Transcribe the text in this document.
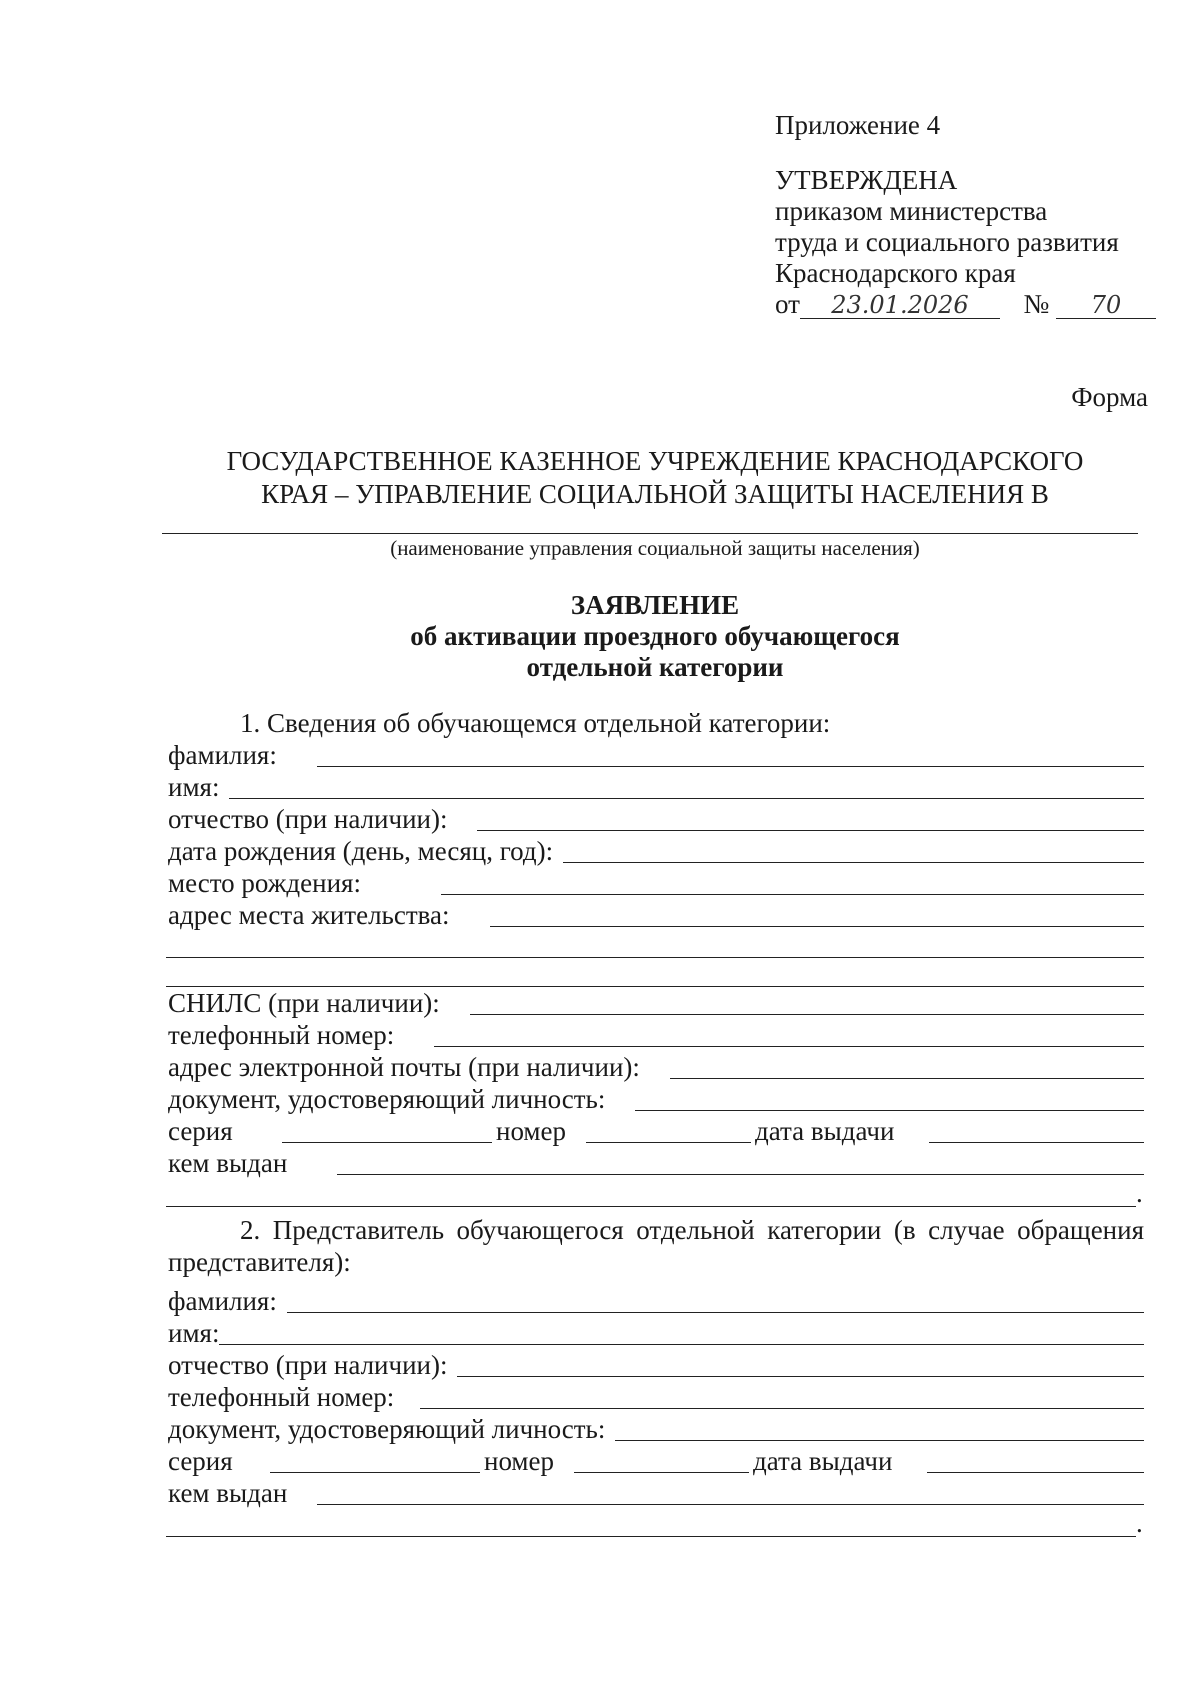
Приложение 4
УТВЕРЖДЕНА
приказом министерства
труда и социального развития
Краснодарского края
от 23.01.2026 № 70
Форма
ГОСУДАРСТВЕННОЕ КАЗЕННОЕ УЧРЕЖДЕНИЕ КРАСНОДАРСКОГО
КРАЯ – УПРАВЛЕНИЕ СОЦИАЛЬНОЙ ЗАЩИТЫ НАСЕЛЕНИЯ В
(наименование управления социальной защиты населения)
ЗАЯВЛЕНИЕ
об активации проездного обучающегося
отдельной категории
1. Сведения об обучающемся отдельной категории:
фамилия:
имя:
отчество (при наличии):
дата рождения (день, месяц, год):
место рождения:
адрес места жительства:
СНИЛС (при наличии):
телефонный номер:
адрес электронной почты (при наличии):
документ, удостоверяющий личность:
серия	номер	дата выдачи
кем выдан
.
2. Представитель обучающегося отдельной категории (в случае обращения представителя):
фамилия:
имя:
отчество (при наличии):
телефонный номер:
документ, удостоверяющий личность:
серия	номер	дата выдачи
кем выдан
.
